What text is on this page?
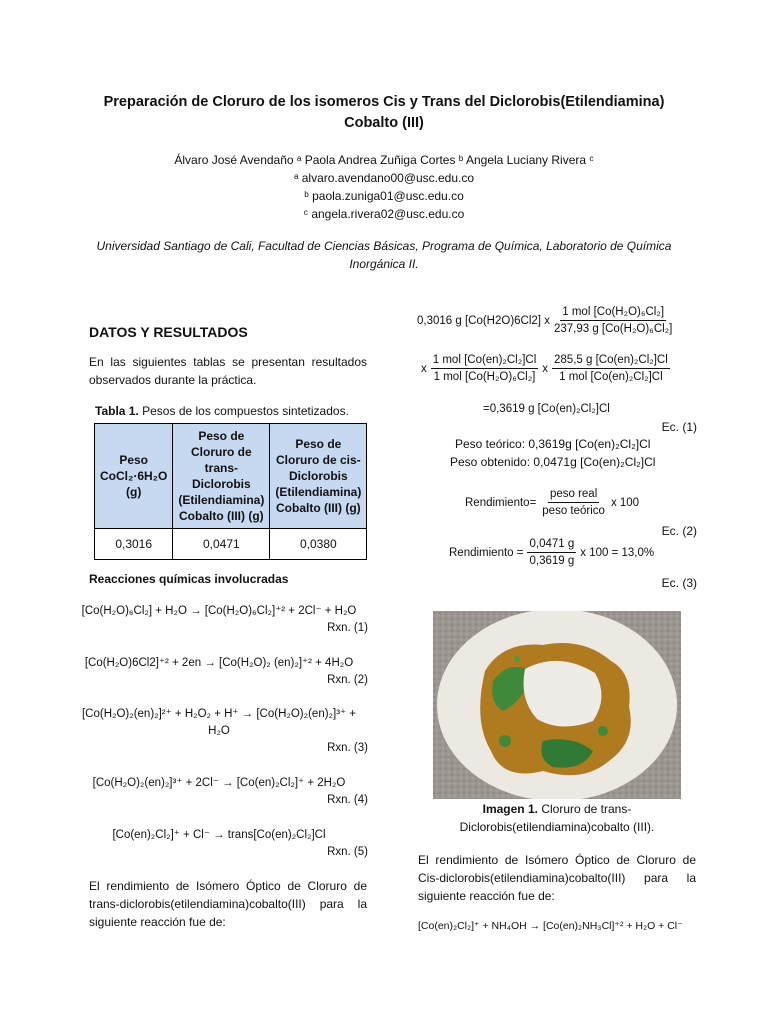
Preparación de Cloruro de los isomeros Cis y Trans del Diclorobis(Etilendiamina) Cobalto (III)
Álvaro José Avendaño ᵃ Paola Andrea Zuñiga Cortes ᵇ Angela Luciany Rivera ᶜ
ᵃ alvaro.avendano00@usc.edu.co
ᵇ paola.zuniga01@usc.edu.co
ᶜ angela.rivera02@usc.edu.co
Universidad Santiago de Cali, Facultad de Ciencias Básicas, Programa de Química, Laboratorio de Química Inorgánica II.
DATOS Y RESULTADOS
En las siguientes tablas se presentan resultados observados durante la práctica.
Tabla 1. Pesos de los compuestos sintetizados.
Peso CoCl₂·6H₂O (g)	Peso de Cloruro de trans-Diclorobis (Etilendiamina) Cobalto (III) (g)	Peso de Cloruro de cis-Diclorobis (Etilendiamina) Cobalto (III) (g)
0,3016	0,0471	0,0380
Reacciones químicas involucradas
[Co(H₂O)₆Cl₂] + H₂O → [Co(H₂O)₆Cl₂]⁺² + 2Cl⁻ + H₂O
Rxn. (1)
[Co(H₂O)6Cl2]⁺² + 2en → [Co(H₂O)₂ (en)₂]⁺² + 4H₂O
Rxn. (2)
[Co(H₂O)₂(en)₂]²⁺ + H₂O₂ + H⁺ → [Co(H₂O)₂(en)₂]³⁺ + H₂O
Rxn. (3)
[Co(H₂O)₂(en)₂]³⁺ + 2Cl⁻ → [Co(en)₂Cl₂]⁺ + 2H₂O
Rxn. (4)
[Co(en)₂Cl₂]⁺ + Cl⁻ → trans[Co(en)₂Cl₂]Cl
Rxn. (5)
El rendimiento de Isómero Óptico de Cloruro de trans-diclorobis(etilendiamina)cobalto(III) para la siguiente reacción fue de:
0,3016 g [Co(H2O)6Cl2] x $\frac{\text{1 mol [Co(H₂O)₆Cl₂]}}{\text{237,93 g [Co(H₂O)₆Cl₂]}}$
x $\frac{\text{1 mol [Co(en)₂Cl₂]Cl}}{\text{1 mol [Co(H₂O)₆Cl₂]}}$ x $\frac{\text{285,5 g [Co(en)₂Cl₂]Cl}}{\text{1 mol [Co(en)₂Cl₂]Cl}}$
=0,3619 g [Co(en)₂Cl₂]Cl
Ec. (1)
Peso teórico: 0,3619g [Co(en)₂Cl₂]Cl
Peso obtenido: 0,0471g [Co(en)₂Cl₂]Cl
Rendimiento= $\frac{\text{peso real}}{\text{peso teórico}}$ x 100
Ec. (2)
Rendimiento = $\frac{0,0471 g}{0,3619 g}$ x 100 = 13,0%
Ec. (3)
Imagen 1. Cloruro de trans-Diclorobis(etilendiamina)cobalto (III).
El rendimiento de Isómero Óptico de Cloruro de Cis-diclorobis(etilendiamina)cobalto(III) para la siguiente reacción fue de:
[Co(en)₂Cl₂]⁺ + NH₄OH → [Co(en)₂NH₃Cl]⁺² + H₂O + Cl⁻
